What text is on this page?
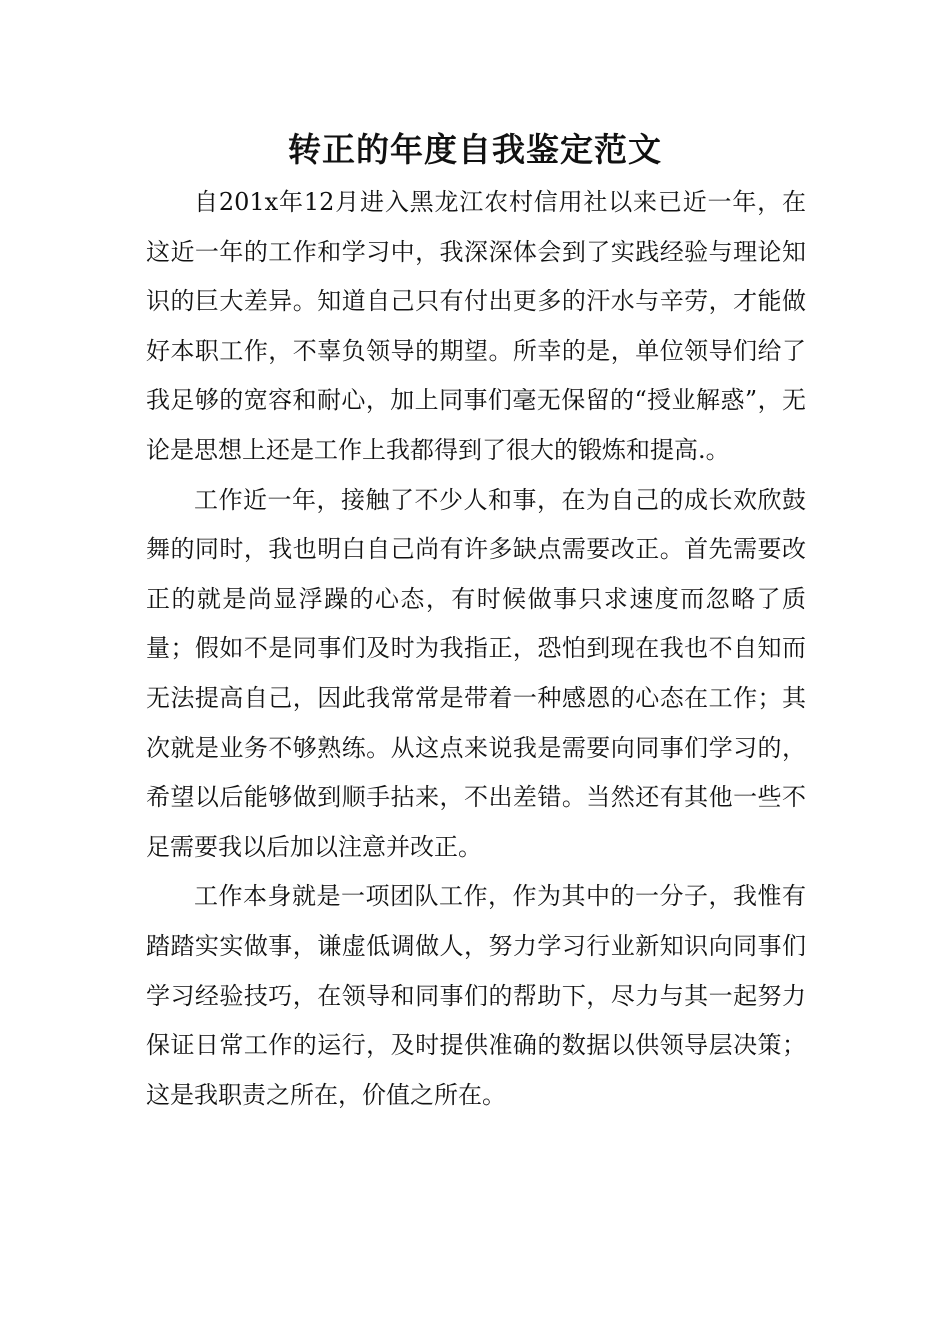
转正的年度自我鉴定范文

自201x年12月进入黑龙江农村信用社以来已近一年，在这近一年的工作和学习中，我深深体会到了实践经验与理论知识的巨大差异。知道自己只有付出更多的汗水与辛劳，才能做好本职工作，不辜负领导的期望。所幸的是，单位领导们给了我足够的宽容和耐心，加上同事们毫无保留的“授业解惑”，无论是思想上还是工作上我都得到了很大的锻炼和提高.。

工作近一年，接触了不少人和事，在为自己的成长欢欣鼓舞的同时，我也明白自己尚有许多缺点需要改正。首先需要改正的就是尚显浮躁的心态，有时候做事只求速度而忽略了质量；假如不是同事们及时为我指正，恐怕到现在我也不自知而无法提高自己，因此我常常是带着一种感恩的心态在工作；其次就是业务不够熟练。从这点来说我是需要向同事们学习的，希望以后能够做到顺手拈来，不出差错。当然还有其他一些不足需要我以后加以注意并改正。

工作本身就是一项团队工作，作为其中的一分子，我惟有踏踏实实做事，谦虚低调做人，努力学习行业新知识向同事们学习经验技巧，在领导和同事们的帮助下，尽力与其一起努力保证日常工作的运行，及时提供准确的数据以供领导层决策；这是我职责之所在，价值之所在。
